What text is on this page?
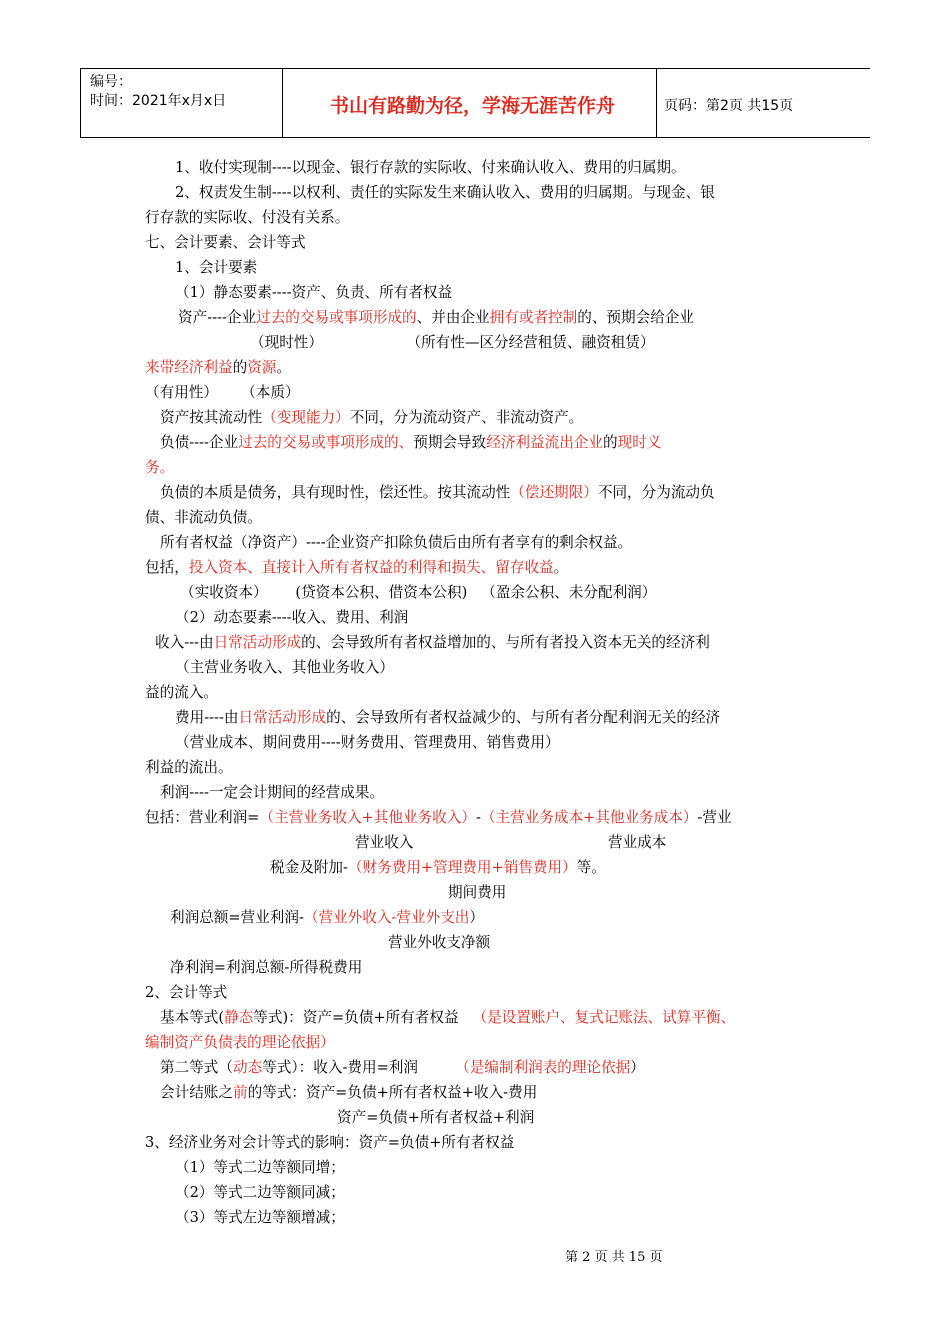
编号：
时间：2021年x月x日	书山有路勤为径，学海无涯苦作舟	页码：第2页 共15页
1、收付实现制----以现金、银行存款的实际收、付来确认收入、费用的归属期。
2、权责发生制----以权利、责任的实际发生来确认收入、费用的归属期。与现金、银
行存款的实际收、付没有关系。
七、会计要素、会计等式
1、会计要素
（1）静态要素----资产、负责、所有者权益
资产----企业过去的交易或事项形成的、并由企业拥有或者控制的、预期会给企业
（现时性）                  （所有性—区分经营租赁、融资租赁）
来带经济利益的资源。
（有用性）     （本质）
资产按其流动性（变现能力）不同，分为流动资产、非流动资产。
负债----企业过去的交易或事项形成的、预期会导致经济利益流出企业的现时义
务。
负债的本质是债务，具有现时性，偿还性。按其流动性（偿还期限）不同，分为流动负
债、非流动负债。
所有者权益（净资产）----企业资产扣除负债后由所有者享有的剩余权益。
包括，投入资本、直接计入所有者权益的利得和损失、留存收益。
（实收资本）      (贷资本公积、借资本公积)   （盈余公积、未分配利润）
（2）动态要素----收入、费用、利润
收入---由日常活动形成的、会导致所有者权益增加的、与所有者投入资本无关的经济利
（主营业务收入、其他业务收入）
益的流入。
费用----由日常活动形成的、会导致所有者权益减少的、与所有者分配利润无关的经济
（营业成本、期间费用----财务费用、管理费用、销售费用）
利益的流出。
利润----一定会计期间的经营成果。
包括：营业利润=（主营业务收入+其他业务收入）-（主营业务成本+其他业务成本）-营业
营业收入	营业成本
税金及附加-（财务费用+管理费用+销售费用）等。
期间费用
利润总额=营业利润-（营业外收入-营业外支出）
营业外收支净额
净利润=利润总额-所得税费用
2、会计等式
基本等式(静态等式)：资产=负债+所有者权益   （是设置账户、复式记账法、试算平衡、
编制资产负债表的理论依据）
第二等式（动态等式）：收入-费用=利润        （是编制利润表的理论依据）
会计结账之前的等式：资产=负债+所有者权益+收入-费用
资产=负债+所有者权益+利润
3、经济业务对会计等式的影响：资产=负债+所有者权益
（1）等式二边等额同增；
（2）等式二边等额同减；
（3）等式左边等额增减；
第 2 页 共 15 页
